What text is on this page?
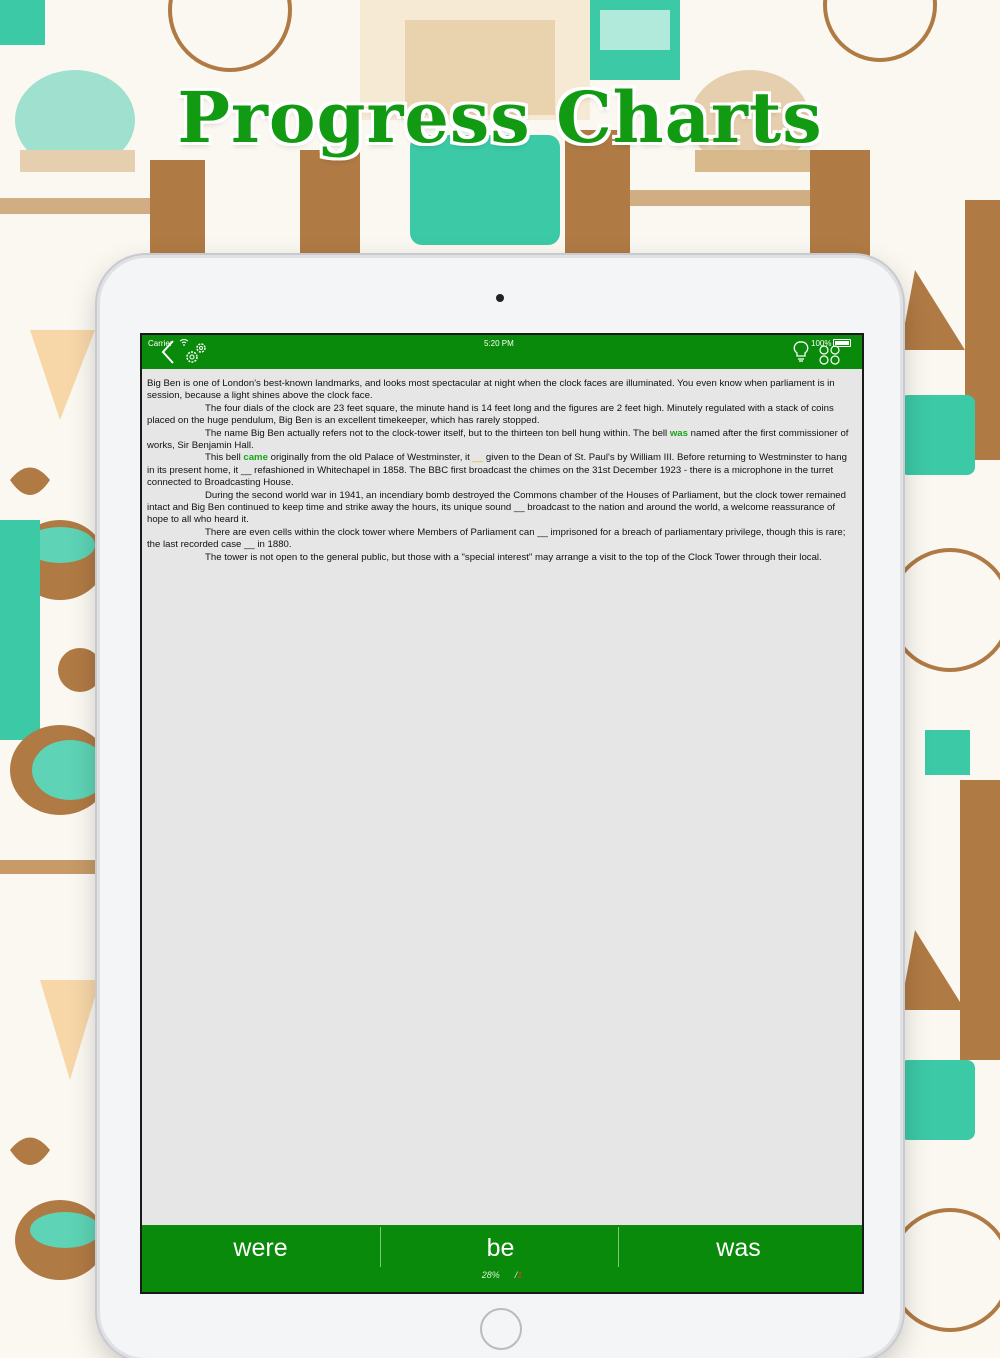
Progress Charts
Carrier	5:20 PM	100%

Big Ben is one of London's best-known landmarks, and looks most spectacular at night when the clock faces are illuminated. You even know when parliament is in session, because a light shines above the clock face.

The four dials of the clock are 23 feet square, the minute hand is 14 feet long and the figures are 2 feet high. Minutely regulated with a stack of coins placed on the huge pendulum, Big Ben is an excellent timekeeper, which has rarely stopped.

The name Big Ben actually refers not to the clock-tower itself, but to the thirteen ton bell hung within. The bell was named after the first commissioner of works, Sir Benjamin Hall.

This bell came originally from the old Palace of Westminster, it __ given to the Dean of St. Paul's by William III. Before returning to Westminster to hang in its present home, it __ refashioned in Whitechapel in 1858. The BBC first broadcast the chimes on the 31st December 1923 - there is a microphone in the turret connected to Broadcasting House.

During the second world war in 1941, an incendiary bomb destroyed the Commons chamber of the Houses of Parliament, but the clock tower remained intact and Big Ben continued to keep time and strike away the hours, its unique sound __ broadcast to the nation and around the world, a welcome reassurance of hope to all who heard it.

There are even cells within the clock tower where Members of Parliament can __ imprisoned for a breach of parliamentary privilege, though this is rare; the last recorded case __ in 1880.

The tower is not open to the general public, but those with a "special interest" may arrange a visit to the top of the Clock Tower through their local.

were	be	was
28% /1
